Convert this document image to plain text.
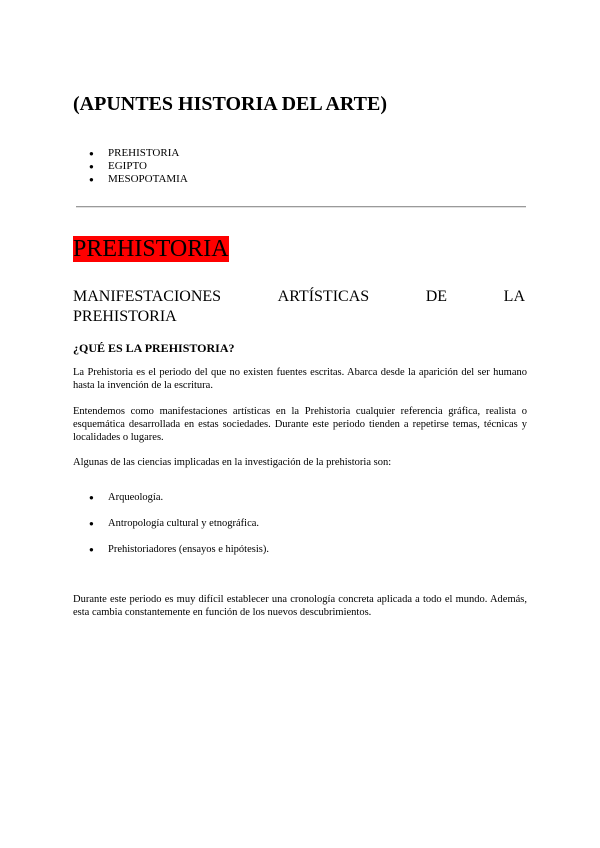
(APUNTES HISTORIA DEL ARTE)
● PREHISTORIA
● EGIPTO
● MESOPOTAMIA
PREHISTORIA
MANIFESTACIONES	ARTÍSTICAS	DE	LA
PREHISTORIA
¿QUÉ ES LA PREHISTORIA?

La Prehistoria es el periodo del que no existen fuentes escritas. Abarca desde la aparición del ser humano hasta la invención de la escritura.

Entendemos como manifestaciones artísticas en la Prehistoria cualquier referencia gráfica, realista o esquemática desarrollada en estas sociedades. Durante este periodo tienden a repetirse temas, técnicas y localidades o lugares.

Algunas de las ciencias implicadas en la investigación de la prehistoria son:

● Arqueología.
● Antropología cultural y etnográfica.
● Prehistoriadores (ensayos e hipótesis).

Durante este periodo es muy difícil establecer una cronología concreta aplicada a todo el mundo. Además, esta cambia constantemente en función de los nuevos descubrimientos.
